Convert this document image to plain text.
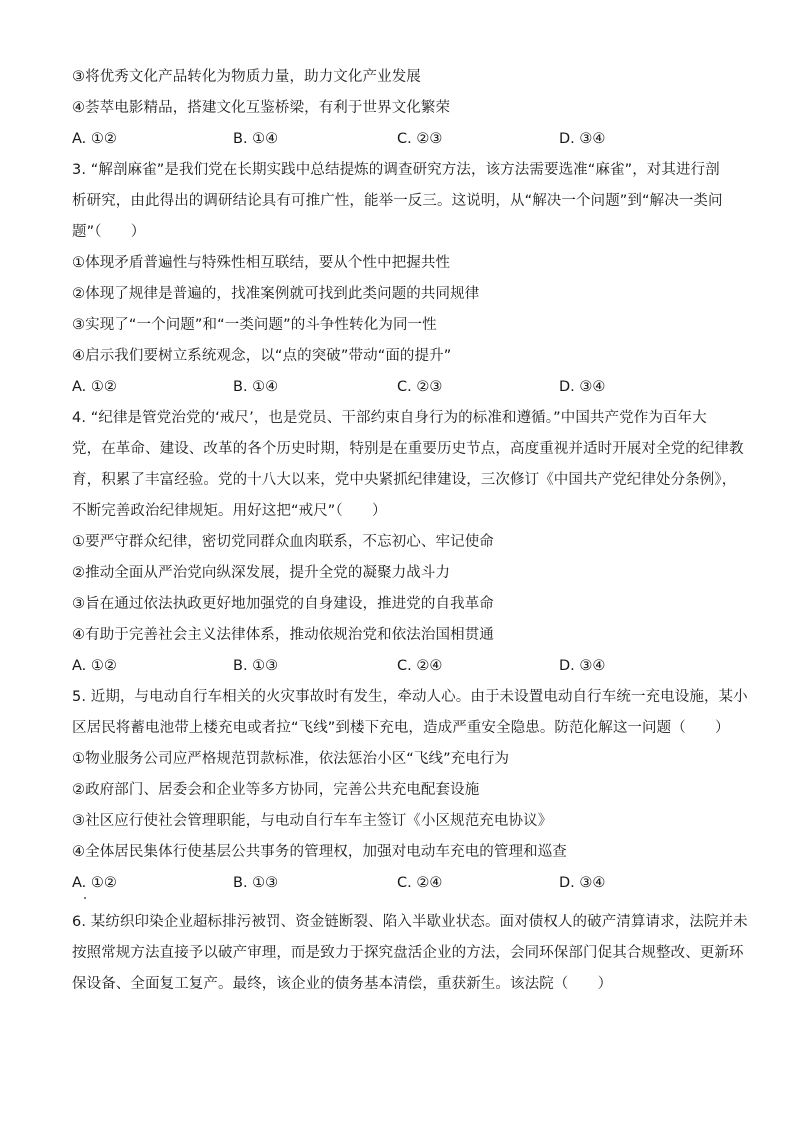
③将优秀文化产品转化为物质力量，助力文化产业发展
④荟萃电影精品，搭建文化互鉴桥梁，有利于世界文化繁荣
A. ①②	B. ①④	C. ②③	D. ③④
3. “解剖麻雀”是我们党在长期实践中总结提炼的调查研究方法，该方法需要选准“麻雀”，对其进行剖
析研究，由此得出的调研结论具有可推广性，能举一反三。这说明，从“解决一个问题”到“解决一类问
题”（　　）
①体现矛盾普遍性与特殊性相互联结，要从个性中把握共性
②体现了规律是普遍的，找准案例就可找到此类问题的共同规律
③实现了“一个问题”和“一类问题”的斗争性转化为同一性
④启示我们要树立系统观念，以“点的突破”带动“面的提升”
A. ①②	B. ①④	C. ②③	D. ③④
4. “纪律是管党治党的‘戒尺’，也是党员、干部约束自身行为的标准和遵循。”中国共产党作为百年大
党，在革命、建设、改革的各个历史时期，特别是在重要历史节点，高度重视并适时开展对全党的纪律教
育，积累了丰富经验。党的十八大以来，党中央紧抓纪律建设，三次修订《中国共产党纪律处分条例》，
不断完善政治纪律规矩。用好这把“戒尺”（　　）
①要严守群众纪律，密切党同群众血肉联系，不忘初心、牢记使命
②推动全面从严治党向纵深发展，提升全党的凝聚力战斗力
③旨在通过依法执政更好地加强党的自身建设，推进党的自我革命
④有助于完善社会主义法律体系，推动依规治党和依法治国相贯通
A. ①②	B. ①③	C. ②④	D. ③④
5. 近期，与电动自行车相关的火灾事故时有发生，牵动人心。由于未设置电动自行车统一充电设施，某小
区居民将蓄电池带上楼充电或者拉“飞线”到楼下充电，造成严重安全隐患。防范化解这一问题（　　）
①物业服务公司应严格规范罚款标准，依法惩治小区“飞线”充电行为
②政府部门、居委会和企业等多方协同，完善公共充电配套设施
③社区应行使社会管理职能，与电动自行车车主签订《小区规范充电协议》
④全体居民集体行使基层公共事务的管理权，加强对电动车充电的管理和巡查
A. ①②	B. ①③	C. ②④	D. ③④
6. 某纺织印染企业超标排污被罚、资金链断裂、陷入半歇业状态。面对债权人的破产清算请求，法院并未
按照常规方法直接予以破产审理，而是致力于探究盘活企业的方法，会同环保部门促其合规整改、更新环
保设备、全面复工复产。最终，该企业的债务基本清偿，重获新生。该法院（　　）
